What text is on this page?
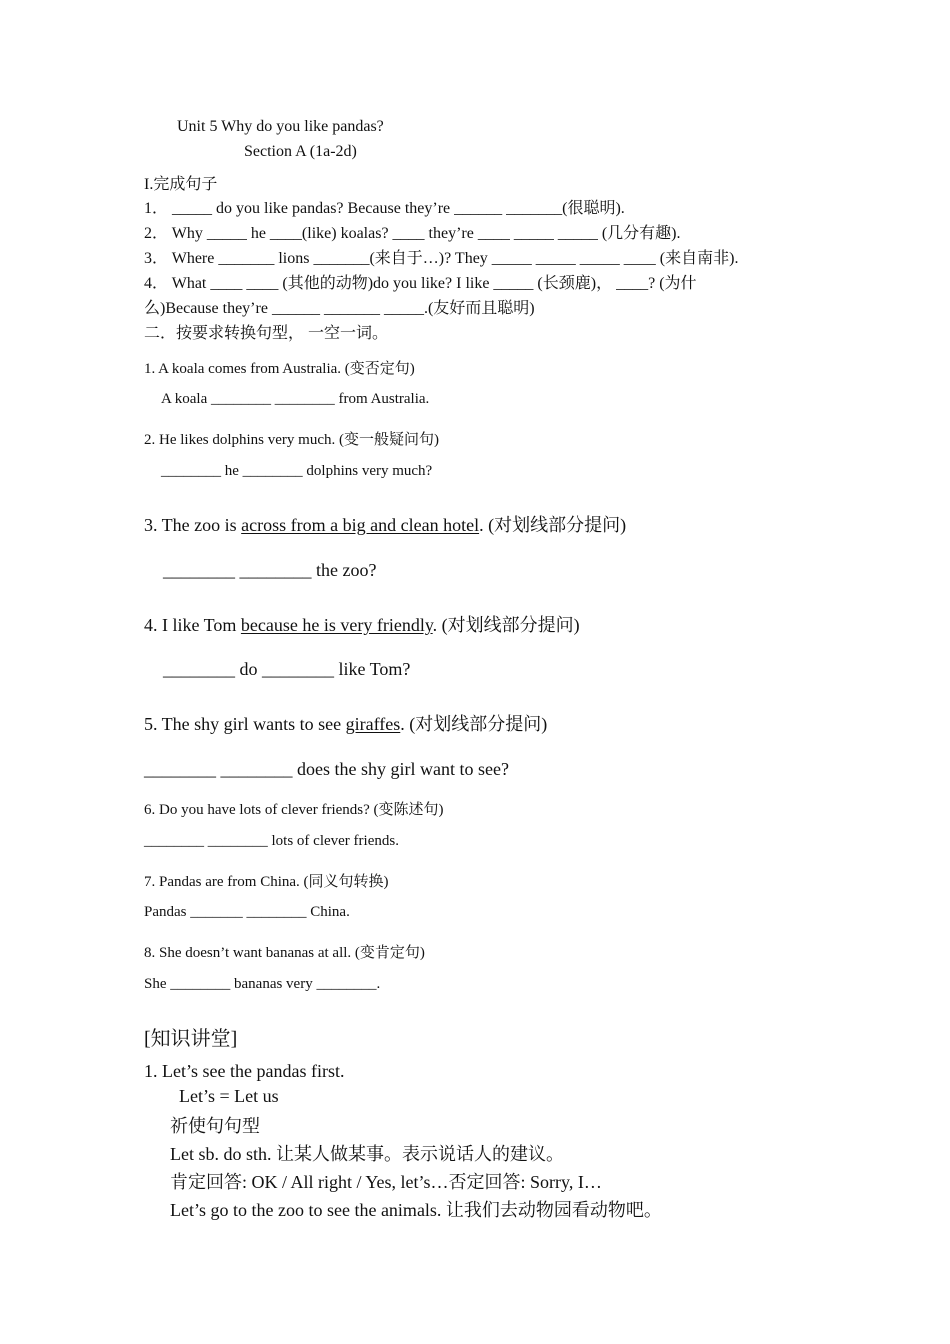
Unit 5 Why do you like pandas?
Section A (1a-2d)
I.完成句子
1． _____ do you like pandas? Because they’re ______ _______(很聪明).
2． Why _____ he ____(like) koalas? ____ they’re ____ _____ _____ (几分有趣).
3． Where _______ lions _______(来自于…)? They _____ _____ _____ ____ (来自南非).
4． What ____ ____ (其他的动物)do you like? I like _____ (长颈鹿)， ____? (为什
么)Because they’re ______ _______ _____.(友好而且聪明)
二．按要求转换句型， 一空一词。
1. A koala comes from Australia. (变否定句)
A koala ________ ________ from Australia.
2. He likes dolphins very much. (变一般疑问句)
________ he ________ dolphins very much?
3. The zoo is across from a big and clean hotel. (对划线部分提问)
________ ________ the zoo?
4. I like Tom because he is very friendly. (对划线部分提问)
________ do ________ like Tom?
5. The shy girl wants to see giraffes. (对划线部分提问)
________ ________ does the shy girl want to see?
6. Do you have lots of clever friends? (变陈述句)
________ ________ lots of clever friends.
7. Pandas are from China. (同义句转换)
Pandas _______ ________ China.
8. She doesn’t want bananas at all. (变肯定句)
She ________ bananas very ________.
[知识讲堂]
1. Let’s see the pandas first.
Let’s = Let us
祈使句句型
Let sb. do sth. 让某人做某事。表示说话人的建议。
肯定回答: OK / All right / Yes, let’s…否定回答: Sorry, I…
Let’s go to the zoo to see the animals. 让我们去动物园看动物吧。
